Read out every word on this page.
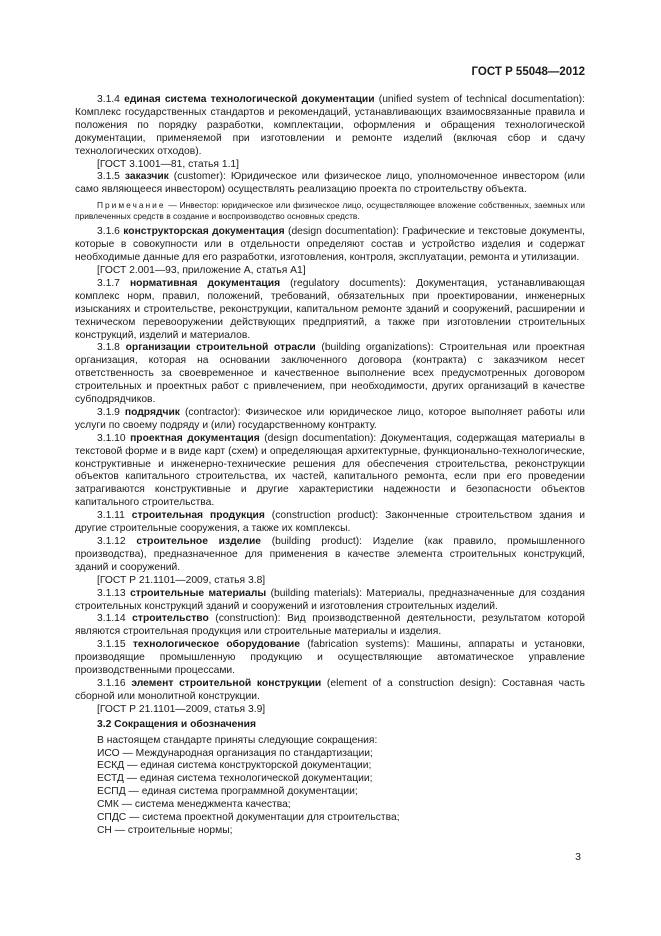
ГОСТ Р 55048—2012

3.1.4 единая система технологической документации (unified system of technical documentation): Комплекс государственных стандартов и рекомендаций, устанавливающих взаимосвязанные правила и положения по порядку разработки, комплектации, оформления и обращения технологической документации, применяемой при изготовлении и ремонте изделий (включая сбор и сдачу технологических отходов).

[ГОСТ 3.1001—81, статья 1.1]

3.1.5 заказчик (customer): Юридическое или физическое лицо, уполномоченное инвестором (или само являющееся инвестором) осуществлять реализацию проекта по строительству объекта.

Примечание — Инвестор: юридическое или физическое лицо, осуществляющее вложение собственных, заемных или привлеченных средств в создание и воспроизводство основных средств.

3.1.6 конструкторская документация (design documentation): Графические и текстовые документы, которые в совокупности или в отдельности определяют состав и устройство изделия и содержат необходимые данные для его разработки, изготовления, контроля, эксплуатации, ремонта и утилизации.

[ГОСТ 2.001—93, приложение А, статья А1]

3.1.7 нормативная документация (regulatory documents): Документация, устанавливающая комплекс норм, правил, положений, требований, обязательных при проектировании, инженерных изысканиях и строительстве, реконструкции, капитальном ремонте зданий и сооружений, расширении и техническом перевооружении действующих предприятий, а также при изготовлении строительных конструкций, изделий и материалов.

3.1.8 организации строительной отрасли (building organizations): Строительная или проектная организация, которая на основании заключенного договора (контракта) с заказчиком несет ответственность за своевременное и качественное выполнение всех предусмотренных договором строительных и проектных работ с привлечением, при необходимости, других организаций в качестве субподрядчиков.

3.1.9 подрядчик (contractor): Физическое или юридическое лицо, которое выполняет работы или услуги по своему подряду и (или) государственному контракту.

3.1.10 проектная документация (design documentation): Документация, содержащая материалы в текстовой форме и в виде карт (схем) и определяющая архитектурные, функционально-технологические, конструктивные и инженерно-технические решения для обеспечения строительства, реконструкции объектов капитального строительства, их частей, капитального ремонта, если при его проведении затрагиваются конструктивные и другие характеристики надежности и безопасности объектов капитального строительства.

3.1.11 строительная продукция (construction product): Законченные строительством здания и другие строительные сооружения, а также их комплексы.

3.1.12 строительное изделие (building product): Изделие (как правило, промышленного производства), предназначенное для применения в качестве элемента строительных конструкций, зданий и сооружений.

[ГОСТ Р 21.1101—2009, статья 3.8]

3.1.13 строительные материалы (building materials): Материалы, предназначенные для создания строительных конструкций зданий и сооружений и изготовления строительных изделий.

3.1.14 строительство (construction): Вид производственной деятельности, результатом которой являются строительная продукция или строительные материалы и изделия.

3.1.15 технологическое оборудование (fabrication systems): Машины, аппараты и установки, производящие промышленную продукцию и осуществляющие автоматическое управление производственными процессами.

3.1.16 элемент строительной конструкции (element of a construction design): Составная часть сборной или монолитной конструкции.

[ГОСТ Р 21.1101—2009, статья 3.9]

3.2 Сокращения и обозначения

В настоящем стандарте приняты следующие сокращения:

ИСО — Международная организация по стандартизации;

ЕСКД — единая система конструкторской документации;

ЕСТД — единая система технологической документации;

ЕСПД — единая система программной документации;

СМК — система менеджмента качества;

СПДС — система проектной документации для строительства;

СН — строительные нормы;

3
